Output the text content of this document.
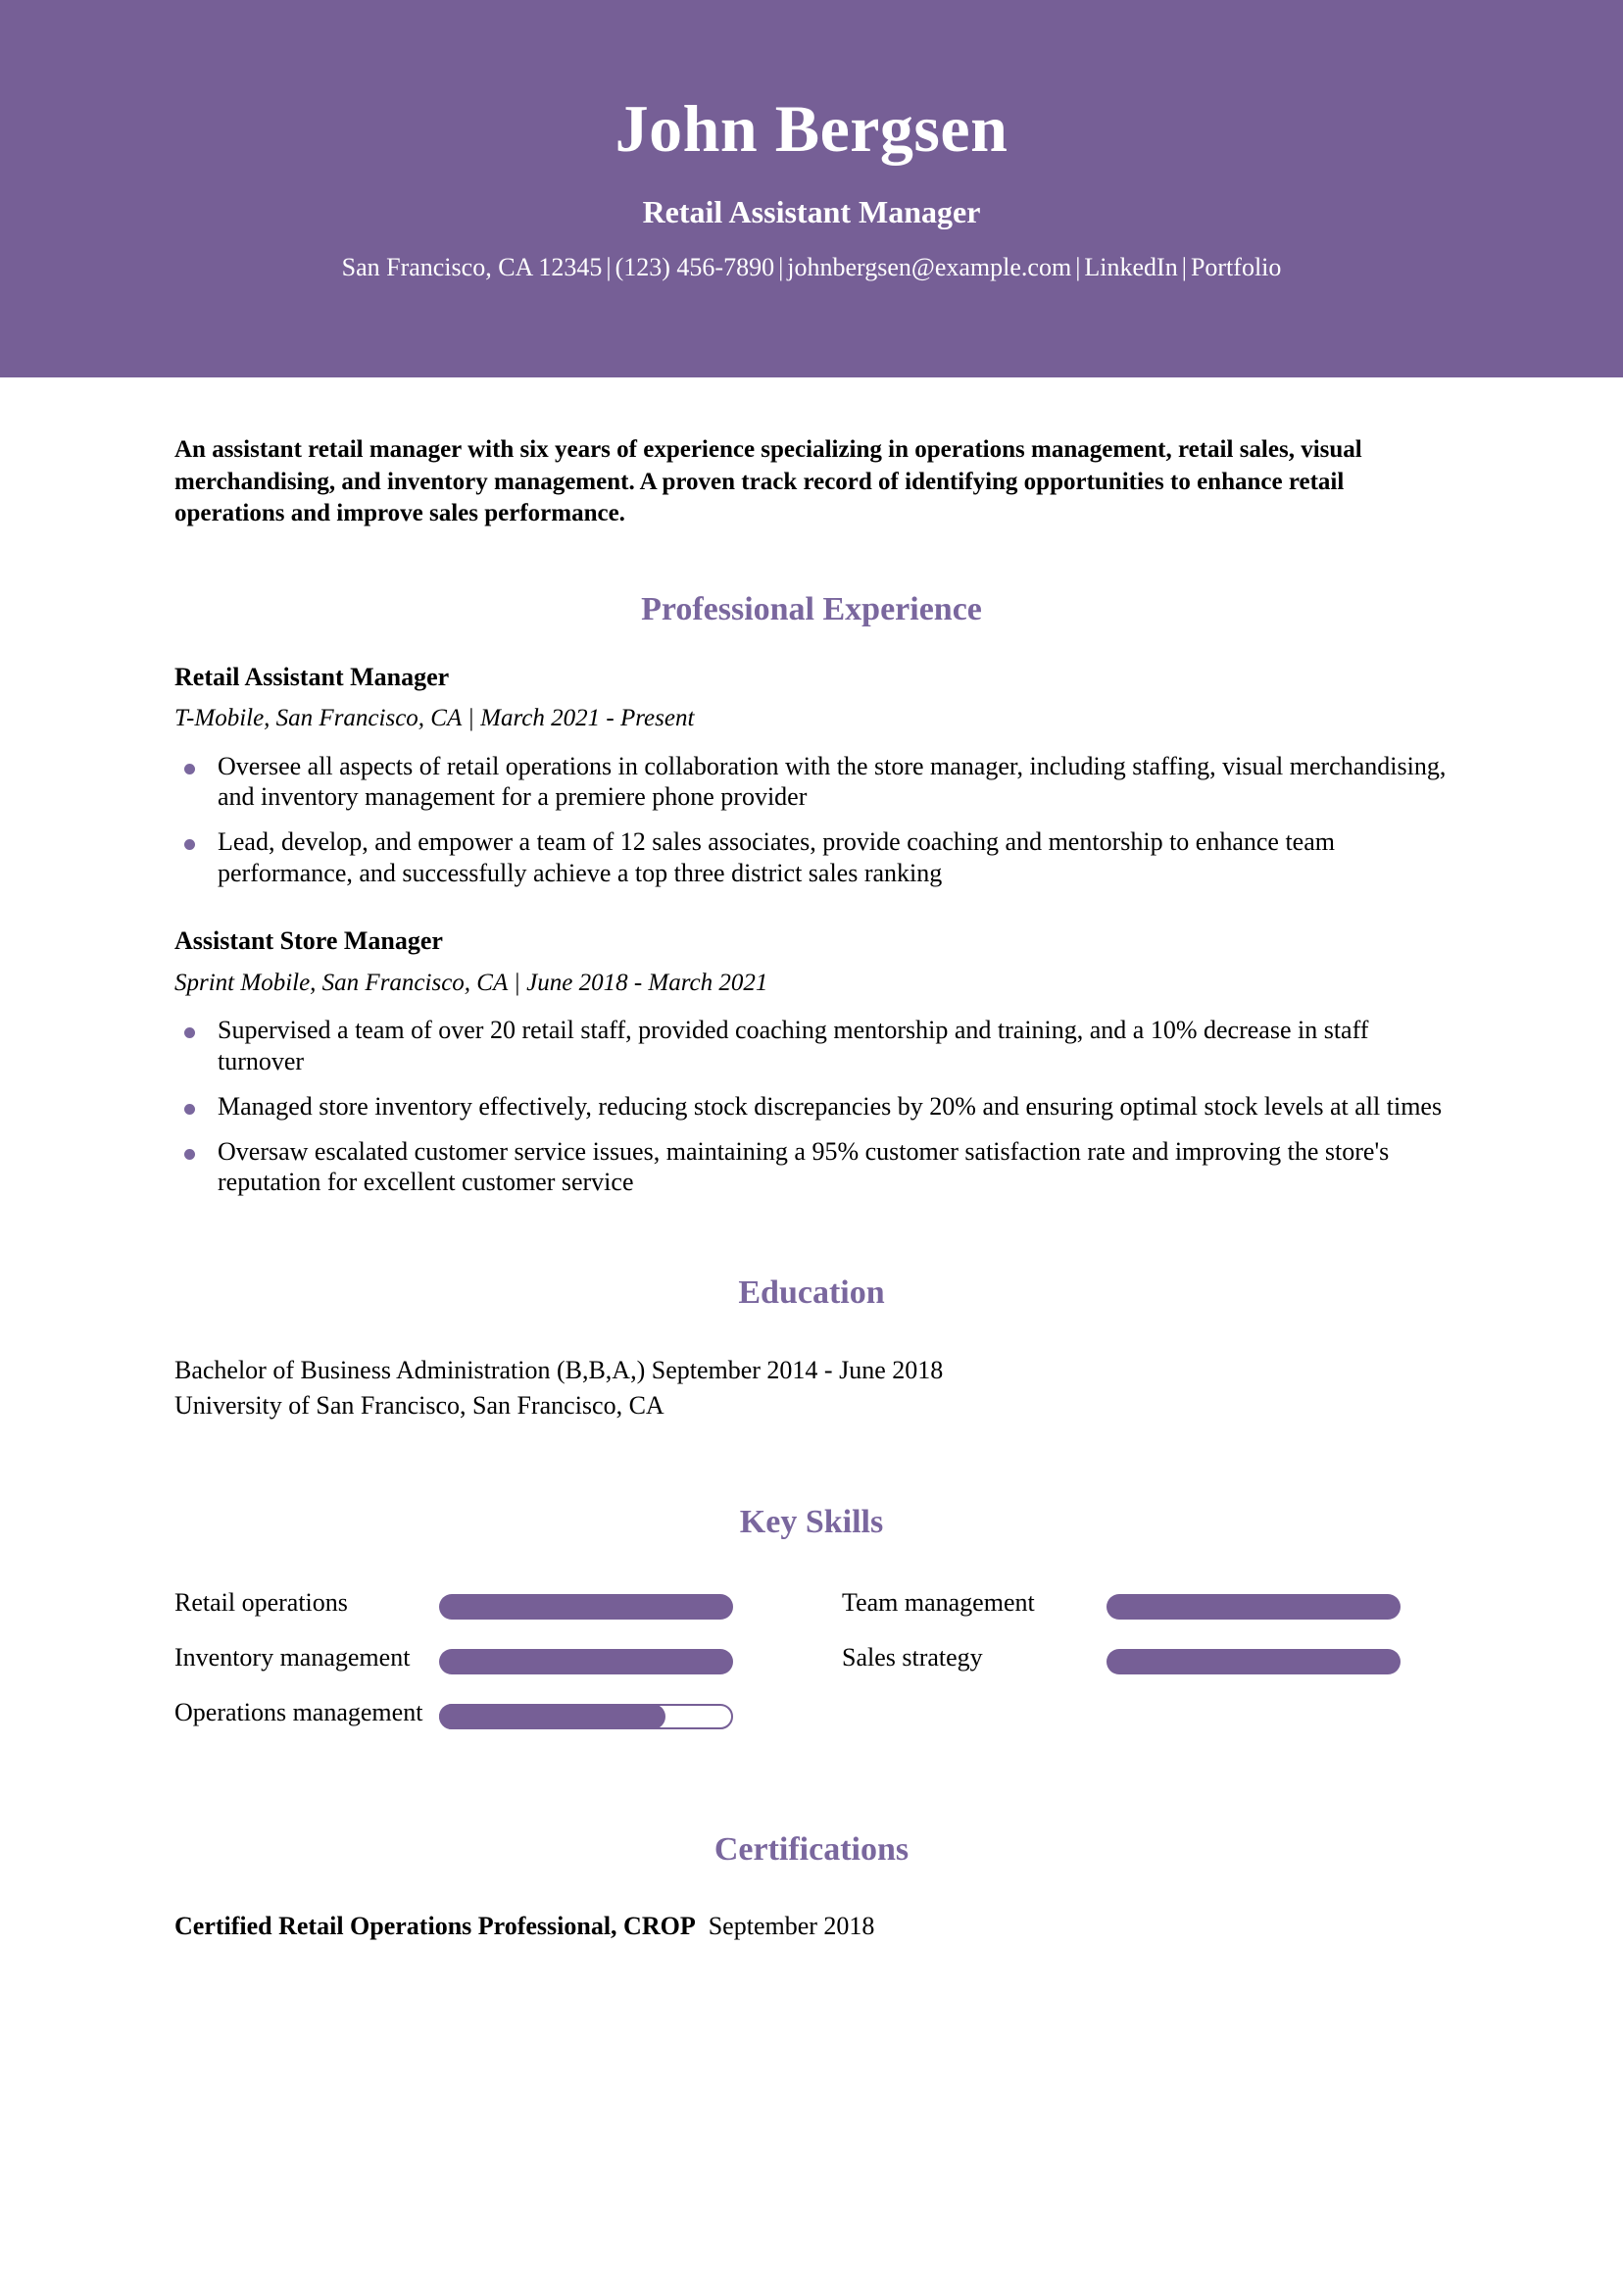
John Bergsen
Retail Assistant Manager
San Francisco, CA 12345 | (123) 456-7890 | johnbergsen@example.com | LinkedIn | Portfolio
An assistant retail manager with six years of experience specializing in operations management, retail sales, visual merchandising, and inventory management. A proven track record of identifying opportunities to enhance retail operations and improve sales performance.
Professional Experience
Retail Assistant Manager
T-Mobile, San Francisco, CA | March 2021 - Present
Oversee all aspects of retail operations in collaboration with the store manager, including staffing, visual merchandising, and inventory management for a premiere phone provider
Lead, develop, and empower a team of 12 sales associates, provide coaching and mentorship to enhance team performance, and successfully achieve a top three district sales ranking
Assistant Store Manager
Sprint Mobile, San Francisco, CA | June 2018 - March 2021
Supervised a team of over 20 retail staff, provided coaching mentorship and training, and a 10% decrease in staff turnover
Managed store inventory effectively, reducing stock discrepancies by 20% and ensuring optimal stock levels at all times
Oversaw escalated customer service issues, maintaining a 95% customer satisfaction rate and improving the store's reputation for excellent customer service
Education
Bachelor of Business Administration (B,B,A,) September 2014 - June 2018
University of San Francisco, San Francisco, CA
Key Skills
Retail operations
Inventory management
Operations management
Team management
Sales strategy
Certifications
Certified Retail Operations Professional, CROP September 2018
